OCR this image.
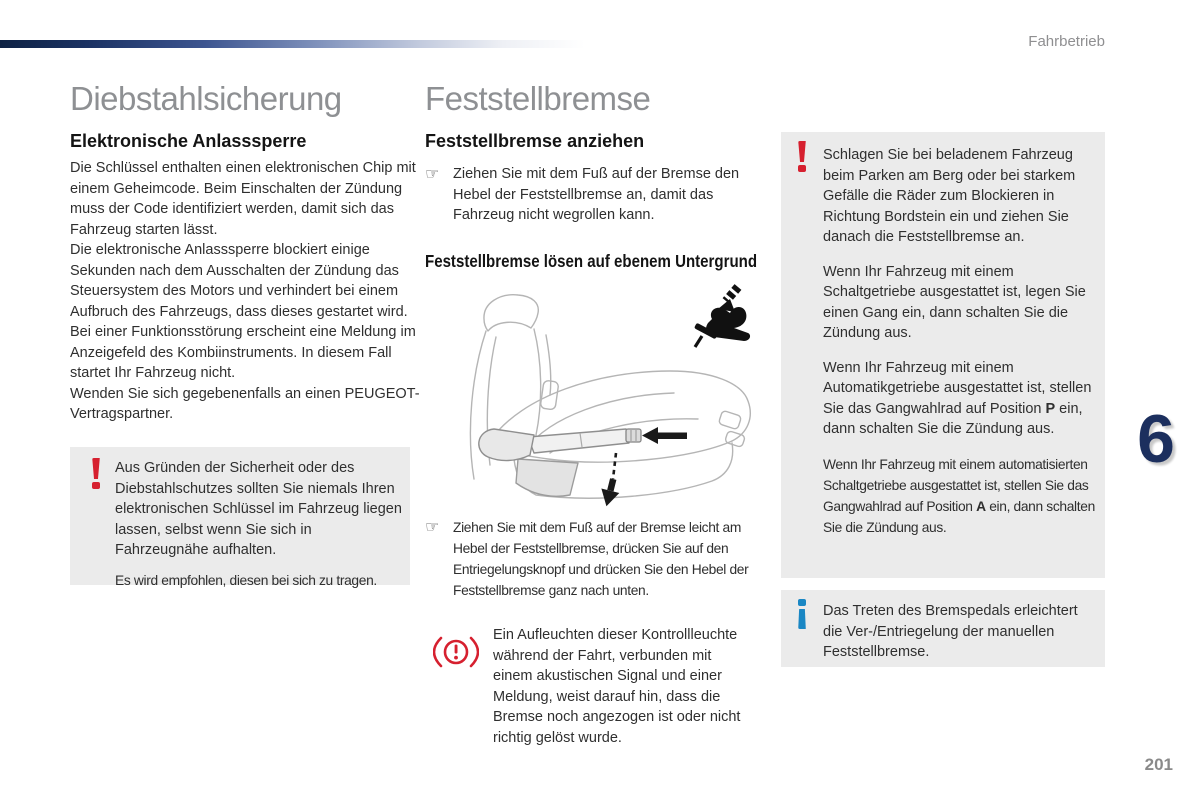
Fahrbetrieb
Diebstahlsicherung
Elektronische Anlasssperre

Die Schlüssel enthalten einen elektronischen Chip mit einem Geheimcode. Beim Einschalten der Zündung muss der Code identifiziert werden, damit sich das Fahrzeug starten lässt.

Die elektronische Anlasssperre blockiert einige Sekunden nach dem Ausschalten der Zündung das Steuersystem des Motors und verhindert bei einem Aufbruch des Fahrzeugs, dass dieses gestartet wird.

Bei einer Funktionsstörung erscheint eine Meldung im Anzeigefeld des Kombiinstruments. In diesem Fall startet Ihr Fahrzeug nicht.

Wenden Sie sich gegebenenfalls an einen PEUGEOT-Vertragspartner.

Aus Gründen der Sicherheit oder des Diebstahlschutzes sollten Sie niemals Ihren elektronischen Schlüssel im Fahrzeug liegen lassen, selbst wenn Sie sich in Fahrzeugnähe aufhalten.

Es wird empfohlen, diesen bei sich zu tragen.

Feststellbremse
Feststellbremse anziehen
☞ Ziehen Sie mit dem Fuß auf der Bremse den Hebel der Feststellbremse an, damit das Fahrzeug nicht wegrollen kann.

Feststellbremse lösen auf ebenem Untergrund
☞ Ziehen Sie mit dem Fuß auf der Bremse leicht am Hebel der Feststellbremse, drücken Sie auf den Entriegelungsknopf und drücken Sie den Hebel der Feststellbremse ganz nach unten.

Ein Aufleuchten dieser Kontrollleuchte während der Fahrt, verbunden mit einem akustischen Signal und einer Meldung, weist darauf hin, dass die Bremse noch angezogen ist oder nicht richtig gelöst wurde.

Schlagen Sie bei beladenem Fahrzeug beim Parken am Berg oder bei starkem Gefälle die Räder zum Blockieren in Richtung Bordstein ein und ziehen Sie danach die Feststellbremse an.

Wenn Ihr Fahrzeug mit einem Schaltgetriebe ausgestattet ist, legen Sie einen Gang ein, dann schalten Sie die Zündung aus.

Wenn Ihr Fahrzeug mit einem Automatikgetriebe ausgestattet ist, stellen Sie das Gangwahlrad auf Position P ein, dann schalten Sie die Zündung aus.

Wenn Ihr Fahrzeug mit einem automatisierten Schaltgetriebe ausgestattet ist, stellen Sie das Gangwahlrad auf Position A ein, dann schalten Sie die Zündung aus.

Das Treten des Bremspedals erleichtert die Ver-/Entriegelung der manuellen Feststellbremse.

6
201
